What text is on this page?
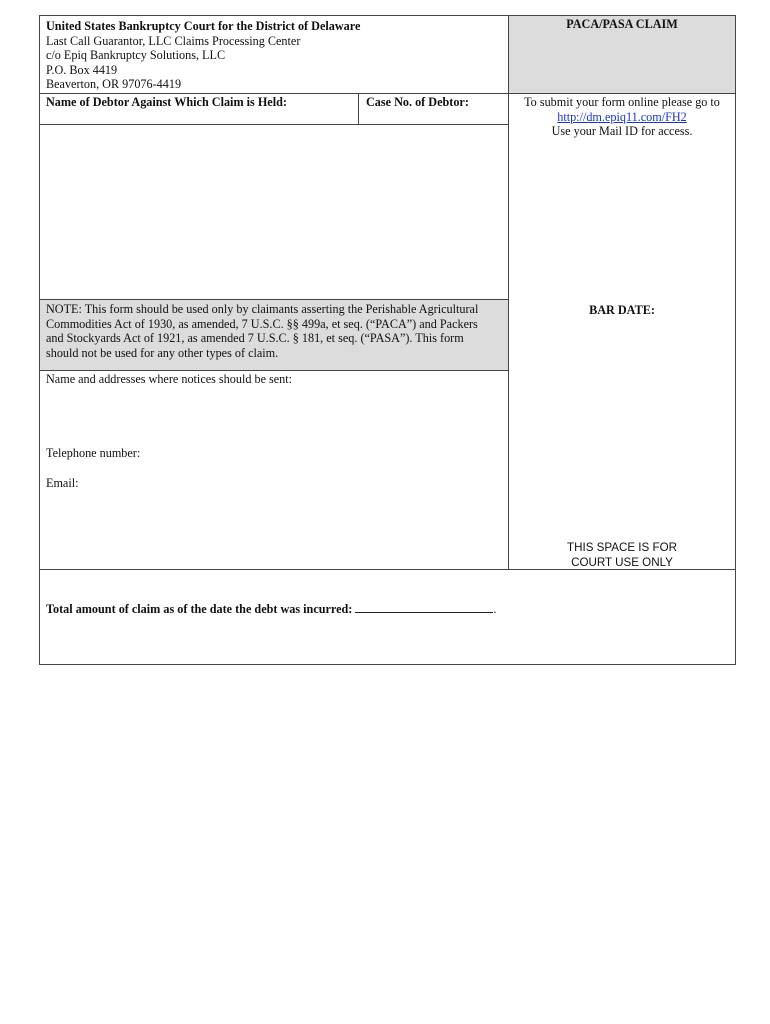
United States Bankruptcy Court for the District of Delaware
Last Call Guarantor, LLC Claims Processing Center
c/o Epiq Bankruptcy Solutions, LLC
P.O. Box 4419
Beaverton, OR 97076-4419
PACA/PASA CLAIM
Name of Debtor Against Which Claim is Held:	Case No. of Debtor:	To submit your form online please go to
http://dm.epiq11.com/FH2
Use your Mail ID for access.
NOTE: This form should be used only by claimants asserting the Perishable Agricultural
Commodities Act of 1930, as amended, 7 U.S.C. §§ 499a, et seq. (“PACA”) and Packers
and Stockyards Act of 1921, as amended 7 U.S.C. § 181, et seq. (“PASA”). This form
should not be used for any other types of claim.
BAR DATE:
Name and addresses where notices should be sent:
Telephone number:
Email:
THIS SPACE IS FOR
COURT USE ONLY
Total amount of claim as of the date the debt was incurred:	.
